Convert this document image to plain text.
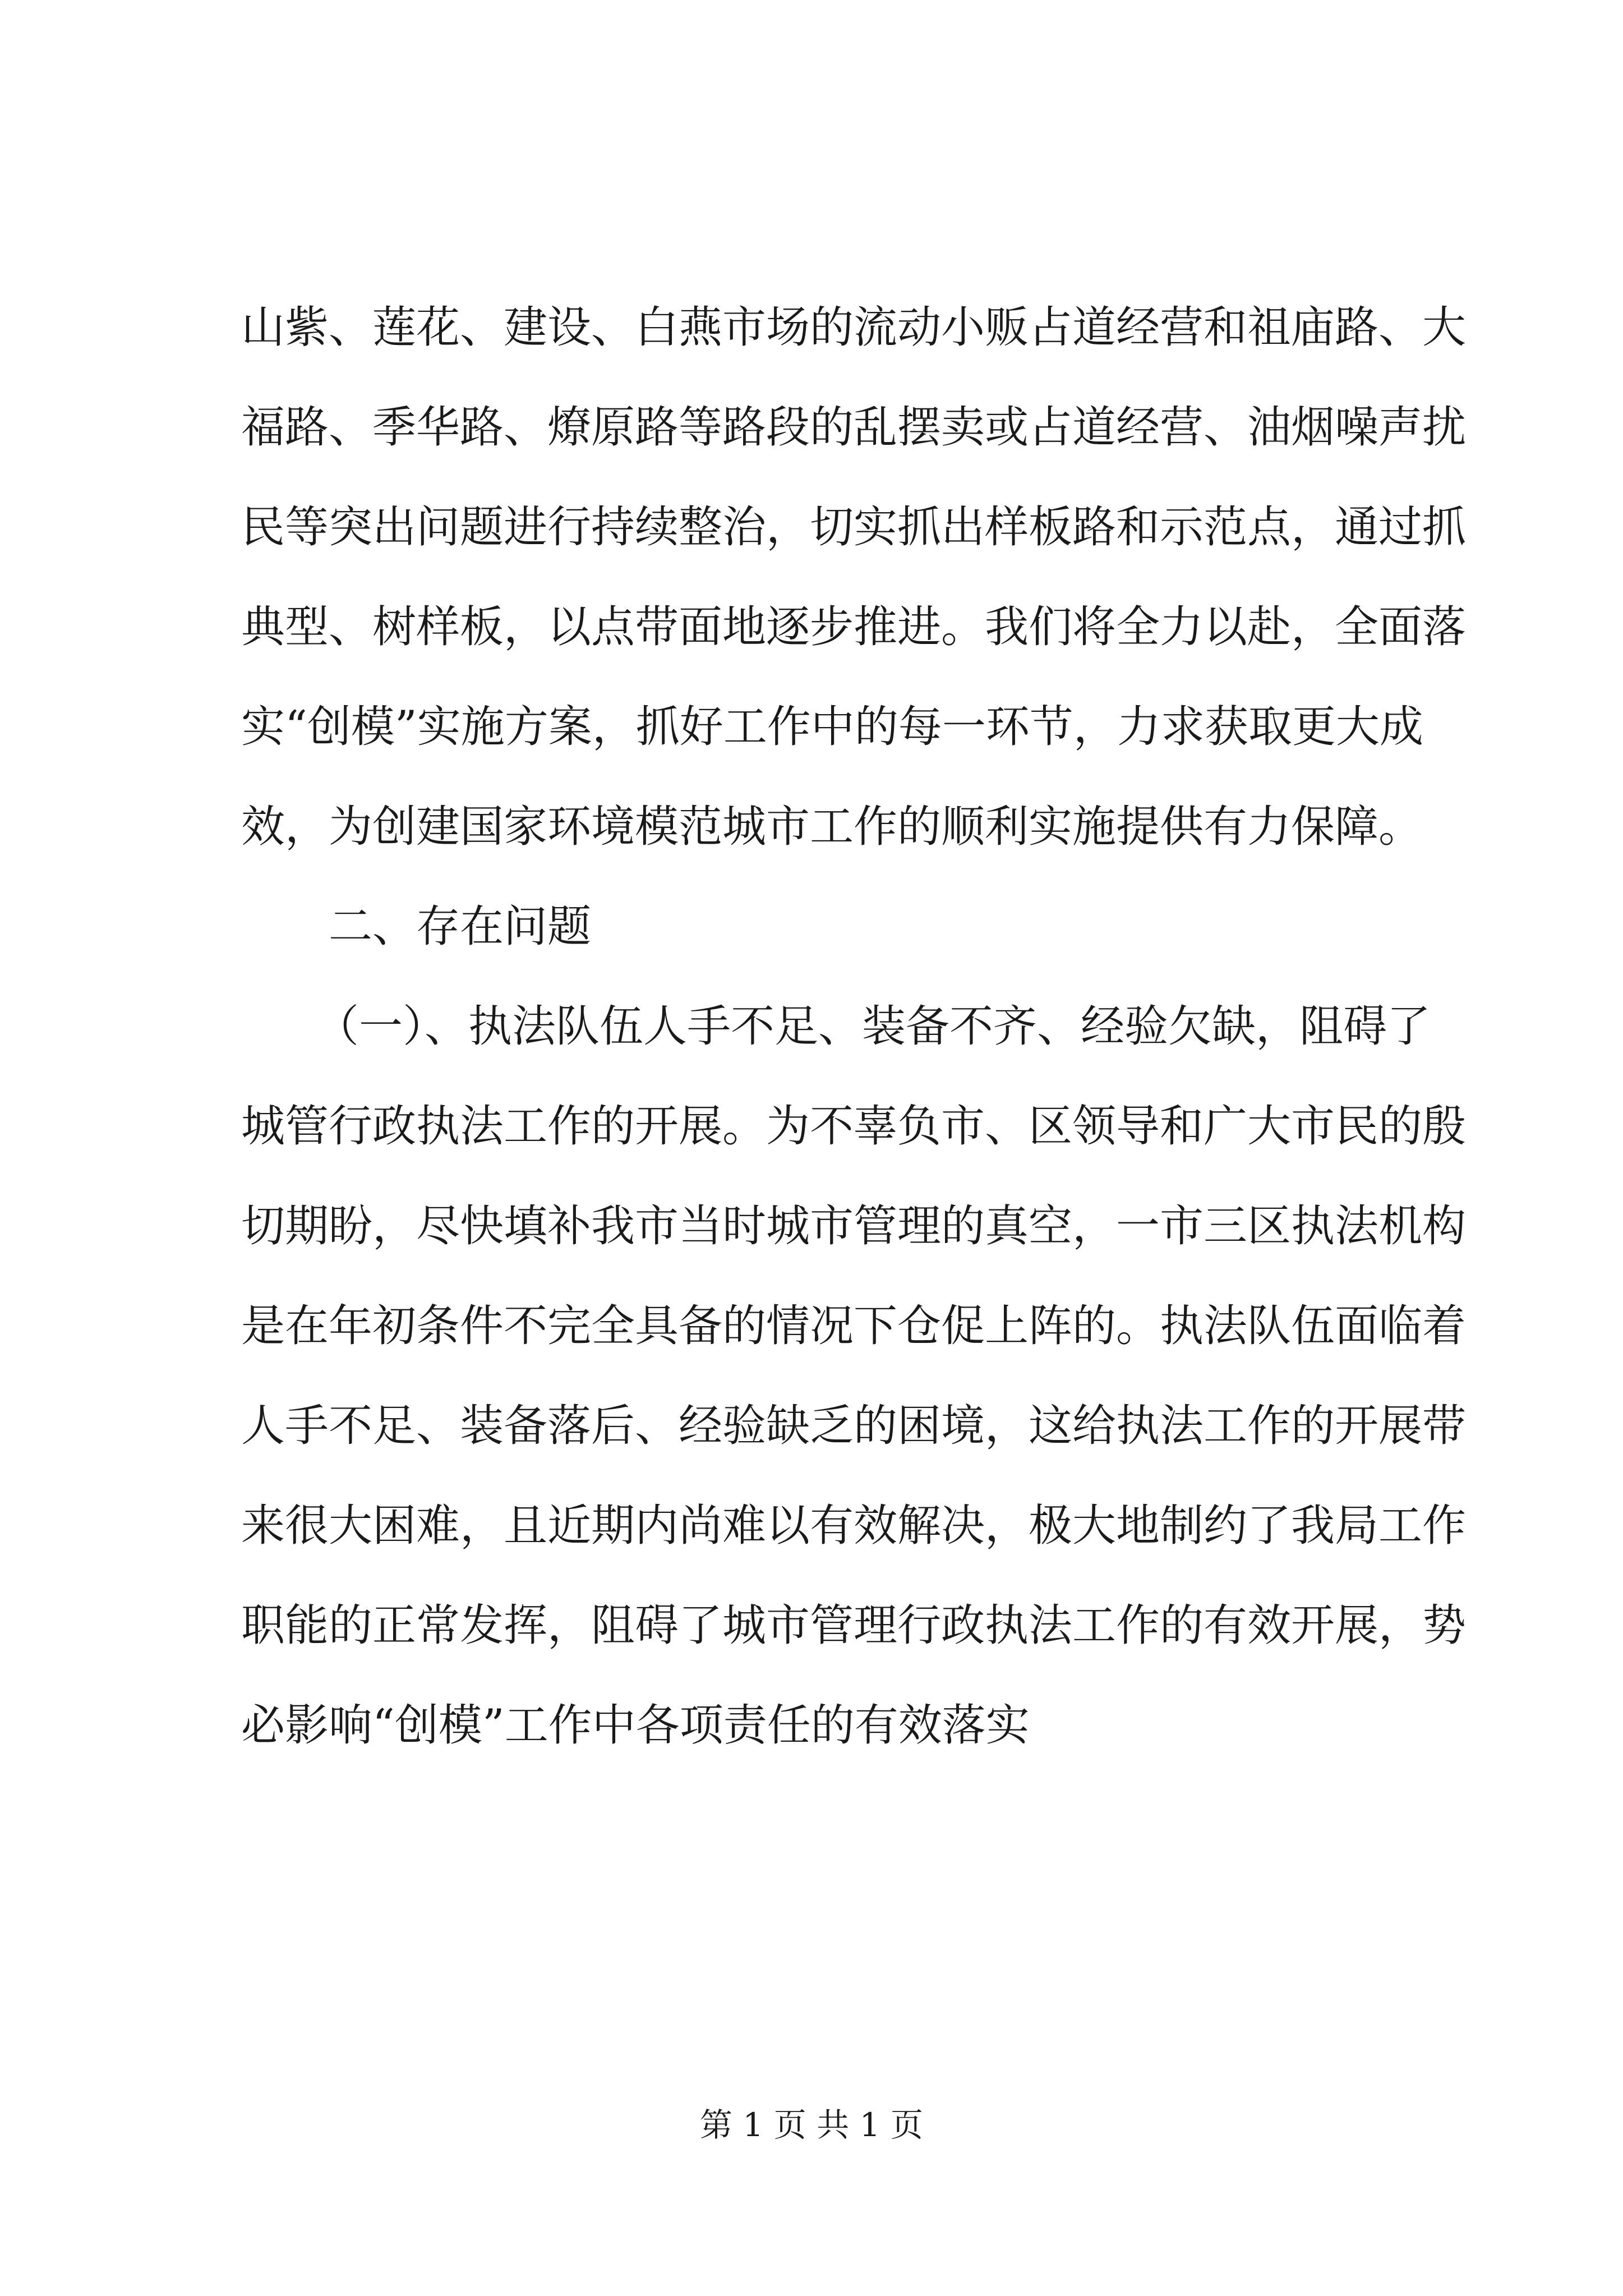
山紫、莲花、建设、白燕市场的流动小贩占道经营和祖庙路、大
福路、季华路、燎原路等路段的乱摆卖或占道经营、油烟噪声扰
民等突出问题进行持续整治，切实抓出样板路和示范点，通过抓
典型、树样板，以点带面地逐步推进。我们将全力以赴，全面落
实“创模”实施方案，抓好工作中的每一环节，力求获取更大成
效，为创建国家环境模范城市工作的顺利实施提供有力保障。
二、存在问题
（一）、执法队伍人手不足、装备不齐、经验欠缺，阻碍了
城管行政执法工作的开展。为不辜负市、区领导和广大市民的殷
切期盼，尽快填补我市当时城市管理的真空，一市三区执法机构
是在年初条件不完全具备的情况下仓促上阵的。执法队伍面临着
人手不足、装备落后、经验缺乏的困境，这给执法工作的开展带
来很大困难，且近期内尚难以有效解决，极大地制约了我局工作
职能的正常发挥，阻碍了城市管理行政执法工作的有效开展，势
必影响“创模”工作中各项责任的有效落实
第 1 页 共 1 页
